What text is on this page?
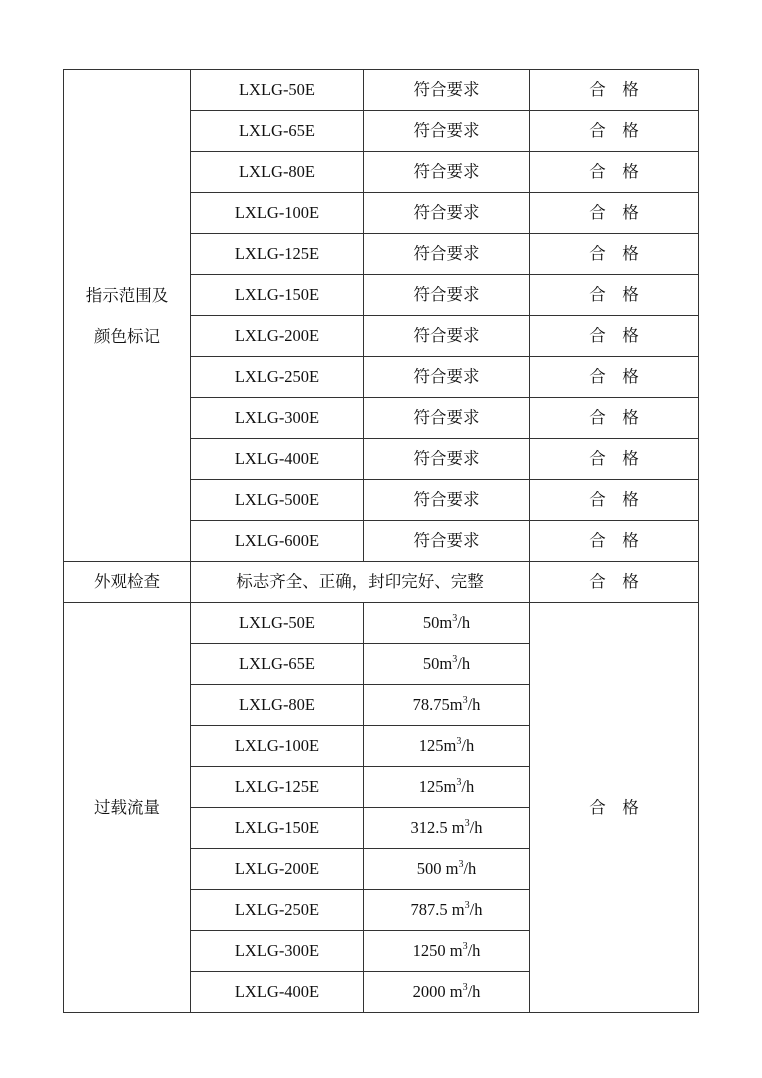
指示范围及
颜色标记	LXLG-50E	符合要求	合　格
	LXLG-65E	符合要求	合　格
	LXLG-80E	符合要求	合　格
	LXLG-100E	符合要求	合　格
	LXLG-125E	符合要求	合　格
	LXLG-150E	符合要求	合　格
	LXLG-200E	符合要求	合　格
	LXLG-250E	符合要求	合　格
	LXLG-300E	符合要求	合　格
	LXLG-400E	符合要求	合　格
	LXLG-500E	符合要求	合　格
	LXLG-600E	符合要求	合　格
外观检查	标志齐全、正确，封印完好、完整		合　格
过载流量	LXLG-50E	$50m^3/h$	合　格
	LXLG-65E	$50m^3/h$	
	LXLG-80E	$78.75m^3/h$	
	LXLG-100E	$125m^3/h$	
	LXLG-125E	$125m^3/h$	
	LXLG-150E	312.5 $m^3/h$	
	LXLG-200E	500 $m^3/h$	
	LXLG-250E	787.5 $m^3/h$	
	LXLG-300E	1250 $m^3/h$	
	LXLG-400E	2000 $m^3/h$	
